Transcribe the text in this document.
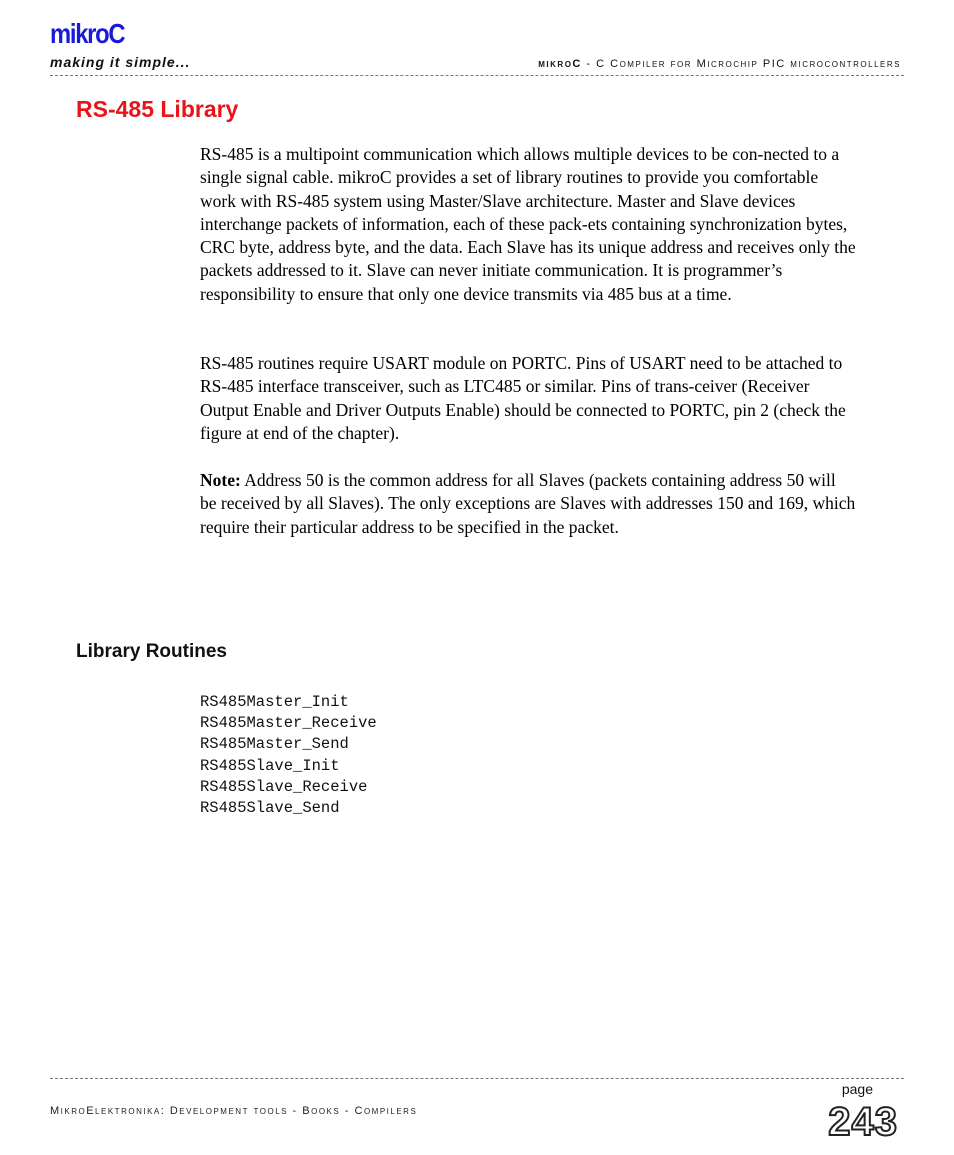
mikroC
making it simple...	mikroC - C Compiler for Microchip PIC microcontrollers
RS-485 Library

RS-485 is a multipoint communication which allows multiple devices to be con-nected to a single signal cable. mikroC provides a set of library routines to provide you comfortable work with RS-485 system using Master/Slave architecture. Master and Slave devices interchange packets of information, each of these pack-ets containing synchronization bytes, CRC byte, address byte, and the data. Each Slave has its unique address and receives only the packets addressed to it. Slave can never initiate communication. It is programmer’s responsibility to ensure that only one device transmits via 485 bus at a time.

RS-485 routines require USART module on PORTC. Pins of USART need to be attached to RS-485 interface transceiver, such as LTC485 or similar. Pins of trans-ceiver (Receiver Output Enable and Driver Outputs Enable) should be connected to PORTC, pin 2 (check the figure at end of the chapter).

Note: Address 50 is the common address for all Slaves (packets containing address 50 will be received by all Slaves). The only exceptions are Slaves with addresses 150 and 169, which require their particular address to be specified in the packet.

Library Routines
RS485Master_Init
RS485Master_Receive
RS485Master_Send
RS485Slave_Init
RS485Slave_Receive
RS485Slave_Send
MikroElektronika: Development tools - Books - Compilers
page
243
